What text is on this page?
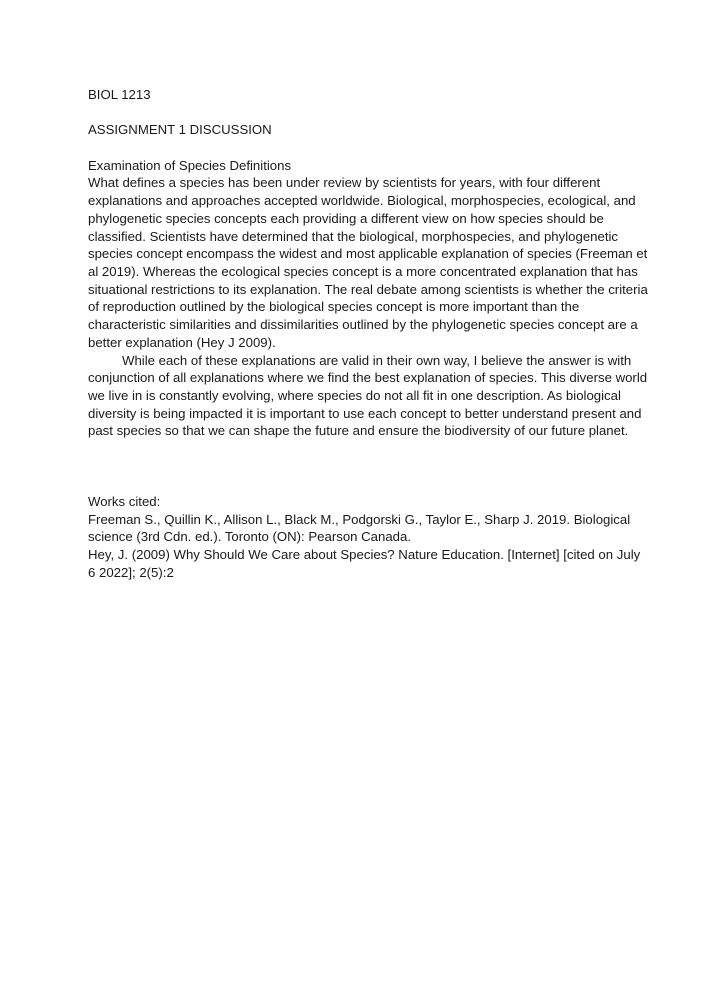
BIOL 1213

ASSIGNMENT 1 DISCUSSION

Examination of Species Definitions

What defines a species has been under review by scientists for years, with four different explanations and approaches accepted worldwide. Biological, morphospecies, ecological, and phylogenetic species concepts each providing a different view on how species should be classified. Scientists have determined that the biological, morphospecies, and phylogenetic species concept encompass the widest and most applicable explanation of species (Freeman et al 2019). Whereas the ecological species concept is a more concentrated explanation that has situational restrictions to its explanation. The real debate among scientists is whether the criteria of reproduction outlined by the biological species concept is more important than the characteristic similarities and dissimilarities outlined by the phylogenetic species concept are a better explanation (Hey J 2009).

While each of these explanations are valid in their own way, I believe the answer is with conjunction of all explanations where we find the best explanation of species. This diverse world we live in is constantly evolving, where species do not all fit in one description. As biological diversity is being impacted it is important to use each concept to better understand present and past species so that we can shape the future and ensure the biodiversity of our future planet.

Works cited:

Freeman S., Quillin K., Allison L., Black M., Podgorski G., Taylor E., Sharp J. 2019. Biological science (3rd Cdn. ed.). Toronto (ON): Pearson Canada.

Hey, J. (2009) Why Should We Care about Species? Nature Education. [Internet] [cited on July 6 2022]; 2(5):2
